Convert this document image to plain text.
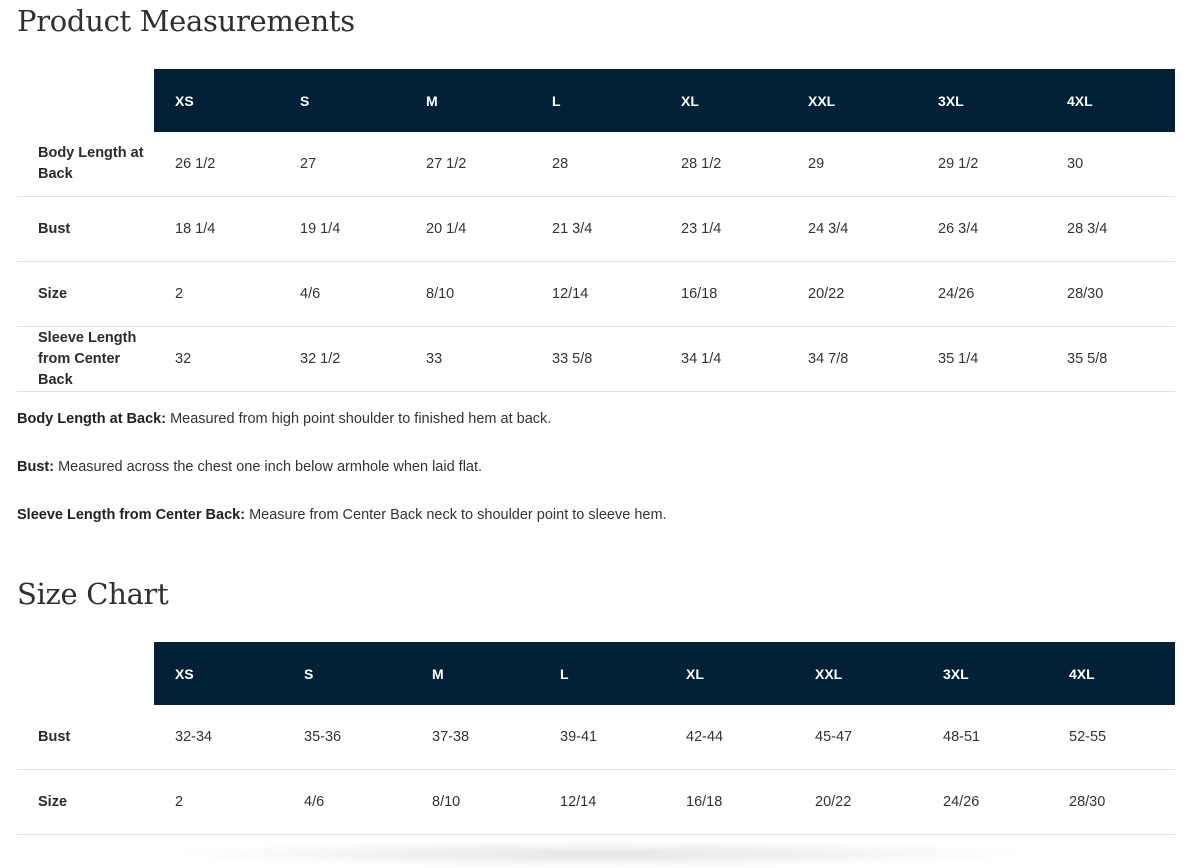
Product Measurements
	XS	S	M	L	XL	XXL	3XL	4XL
Body Length at Back	26 1/2	27	27 1/2	28	28 1/2	29	29 1/2	30
Bust	18 1/4	19 1/4	20 1/4	21 3/4	23 1/4	24 3/4	26 3/4	28 3/4
Size	2	4/6	8/10	12/14	16/18	20/22	24/26	28/30
Sleeve Length from Center Back	32	32 1/2	33	33 5/8	34 1/4	34 7/8	35 1/4	35 5/8

Body Length at Back: Measured from high point shoulder to finished hem at back.

Bust: Measured across the chest one inch below armhole when laid flat.

Sleeve Length from Center Back: Measure from Center Back neck to shoulder point to sleeve hem.

Size Chart
	XS	S	M	L	XL	XXL	3XL	4XL
Bust	32-34	35-36	37-38	39-41	42-44	45-47	48-51	52-55
Size	2	4/6	8/10	12/14	16/18	20/22	24/26	28/30
